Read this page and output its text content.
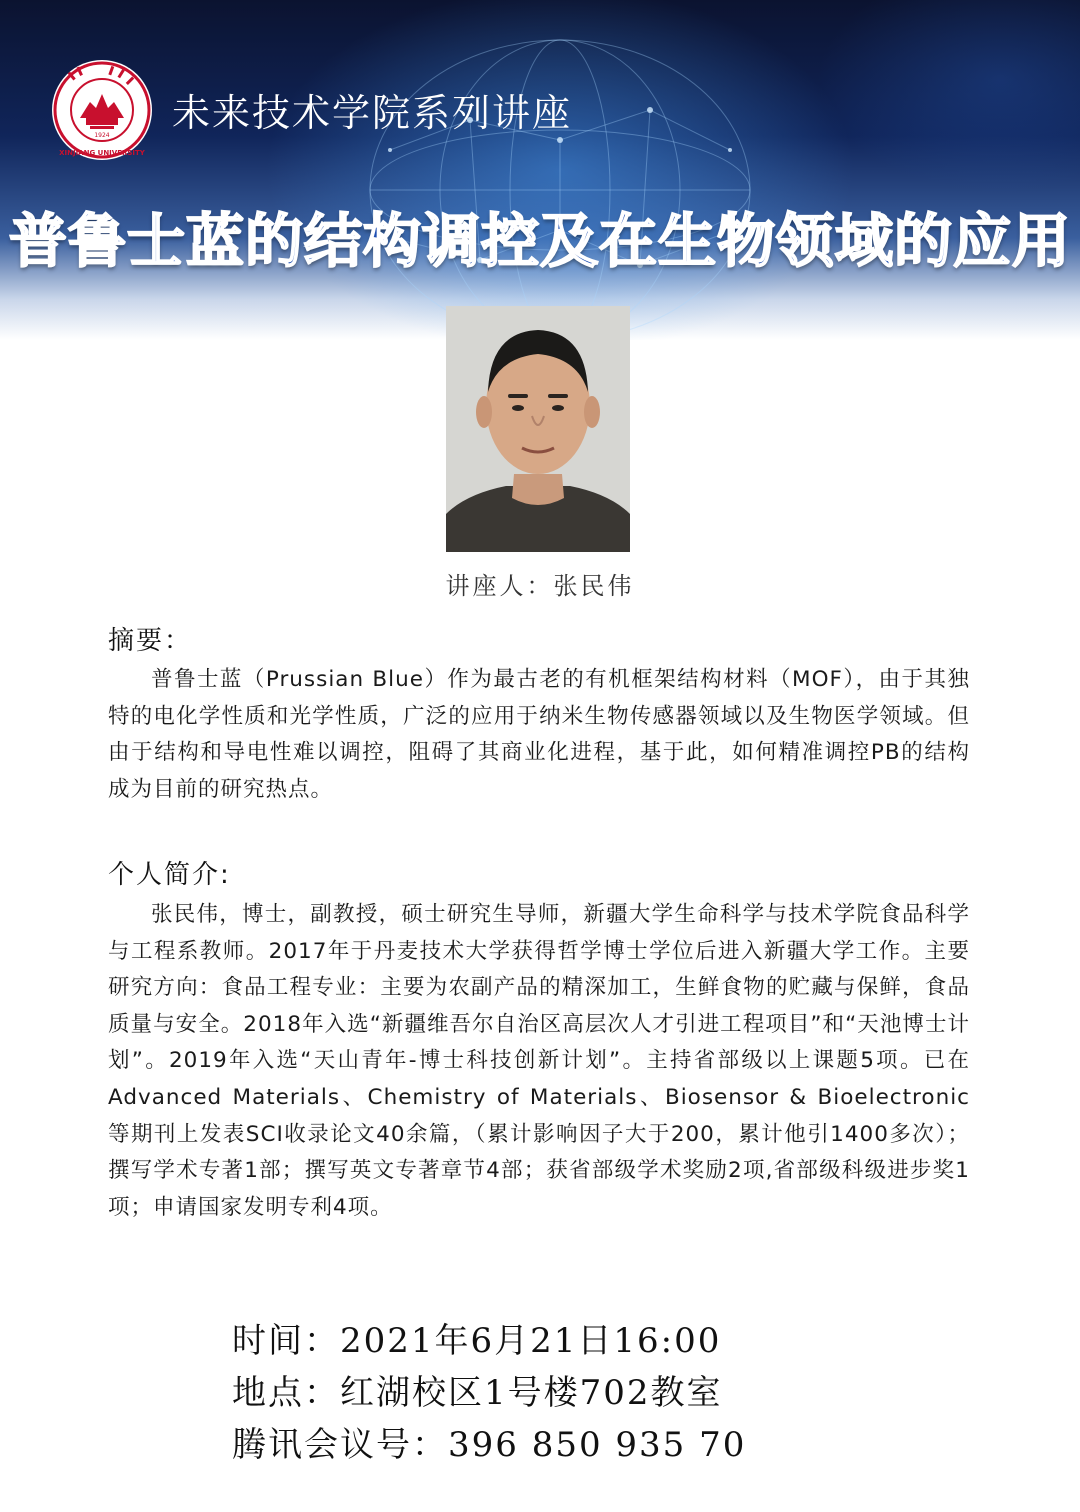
1924
XINJIANG UNIVERSITY
未来技术学院系列讲座
普鲁士蓝的结构调控及在生物领域的应用

讲座人：张民伟

摘要：

普鲁士蓝（Prussian Blue）作为最古老的有机框架结构材料（MOF），由于其独特的电化学性质和光学性质，广泛的应用于纳米生物传感器领域以及生物医学领域。但由于结构和导电性难以调控，阻碍了其商业化进程，基于此，如何精准调控PB的结构成为目前的研究热点。

个人简介:

张民伟，博士，副教授，硕士研究生导师，新疆大学生命科学与技术学院食品科学与工程系教师。2017年于丹麦技术大学获得哲学博士学位后进入新疆大学工作。主要研究方向：食品工程专业：主要为农副产品的精深加工，生鲜食物的贮藏与保鲜，食品质量与安全。2018年入选“新疆维吾尔自治区高层次人才引进工程项目”和“天池博士计划”。2019年入选“天山青年-博士科技创新计划”。主持省部级以上课题5项。已在Advanced Materials、Chemistry of Materials、Biosensor & Bioelectronic等期刊上发表SCI收录论文40余篇，（累计影响因子大于200，累计他引1400多次）；撰写学术专著1部；撰写英文专著章节4部；获省部级学术奖励2项,省部级科级进步奖1项；申请国家发明专利4项。

时间：2021年6月21日16:00

地点：红湖校区1号楼702教室

腾讯会议号：396 850 935 70
